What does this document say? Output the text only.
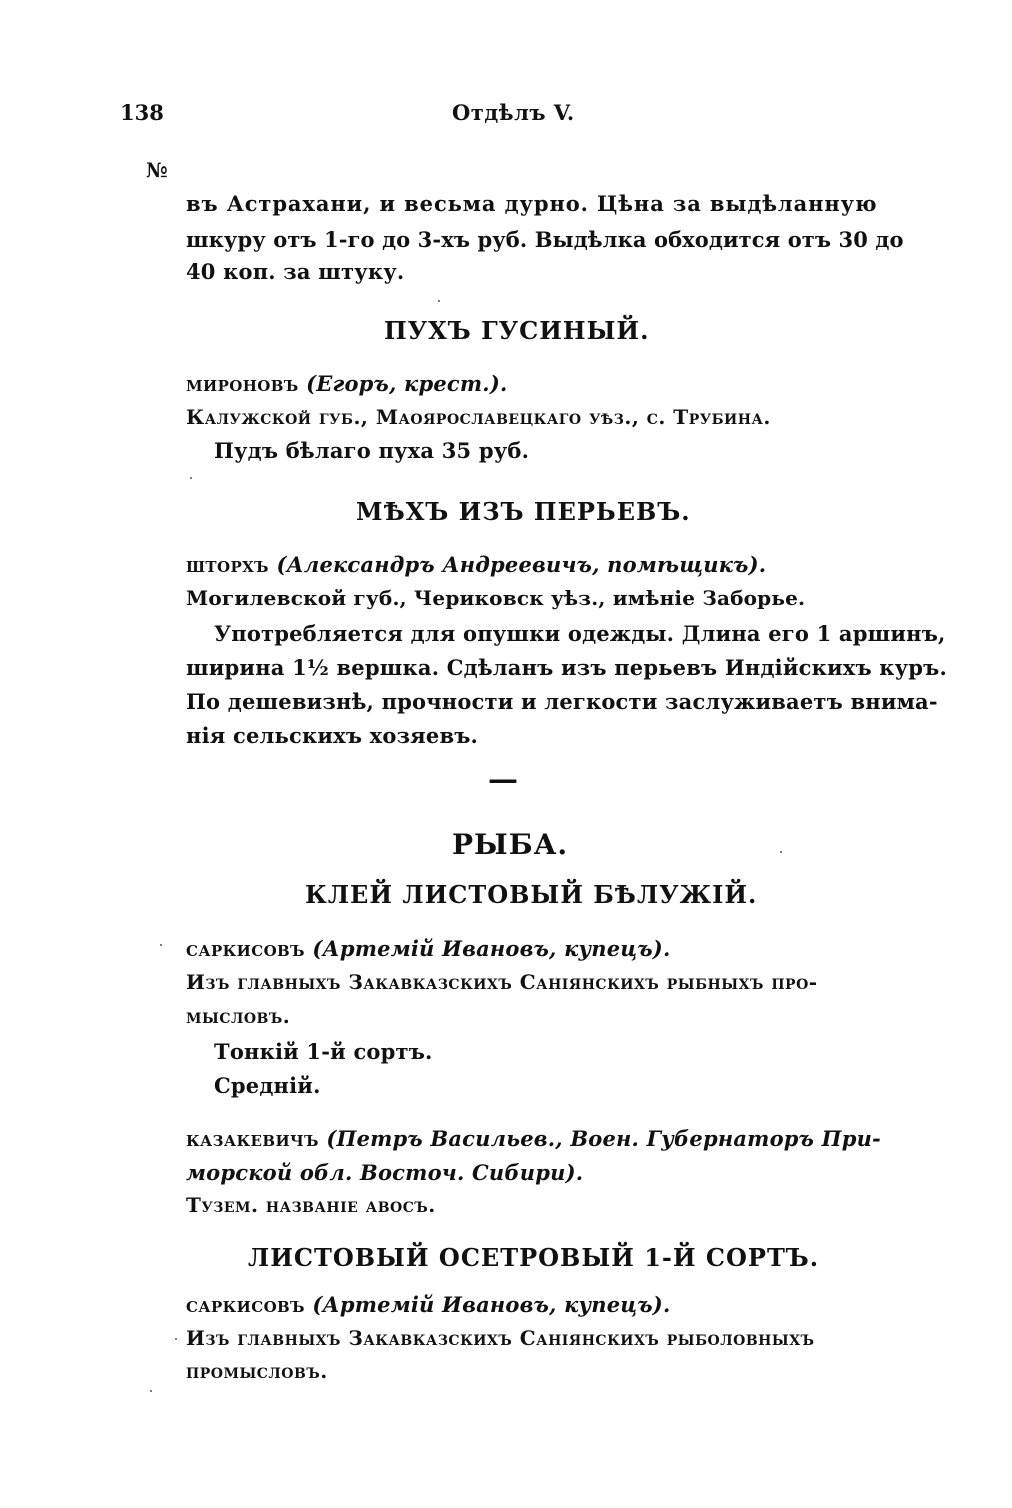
138	Отдѣлъ V.
№
въ Астрахани, и весьма дурно. Цѣна за выдѣланную
шкуру отъ 1-го до 3-хъ руб. Выдѣлка обходится отъ 30 до
40 коп. за штуку.
ПУХЪ ГУСИНЫЙ.
мироновъ (Егоръ, крест.).
Калужской губ., Маоярославецкаго уѣз., с. Трубина.
Пудъ бѣлаго пуха 35 руб.
МѢХЪ ИЗЪ ПЕРЬЕВЪ.
шторхъ (Александръ Андреевичъ, помѣщикъ).
Могилевской губ., Чериковск уѣз., имѣніе Заборье.
Употребляется для опушки одежды. Длина его 1 аршинъ,
ширина 1½ вершка. Сдѣланъ изъ перьевъ Индійскихъ куръ.
По дешевизнѣ, прочности и легкости заслуживаетъ внима-
нія сельскихъ хозяевъ.
—
РЫБА.
КЛЕЙ ЛИСТОВЫЙ БѢЛУЖІЙ.
саркисовъ (Артемій Ивановъ, купецъ).
Изъ главныхъ Закавказскихъ Саніянскихъ рыбныхъ про-
мысловъ.
Тонкій 1-й сортъ.
Средній.
казакевичъ (Петръ Васильев., Воен. Губернаторъ При-
морской обл. Восточ. Сибири).
Тузем. названіе авосъ.
ЛИСТОВЫЙ ОСЕТРОВЫЙ 1-Й СОРТЪ.
саркисовъ (Артемій Ивановъ, купецъ).
Изъ главныхъ Закавказскихъ Саніянскихъ рыболовныхъ
промысловъ.
